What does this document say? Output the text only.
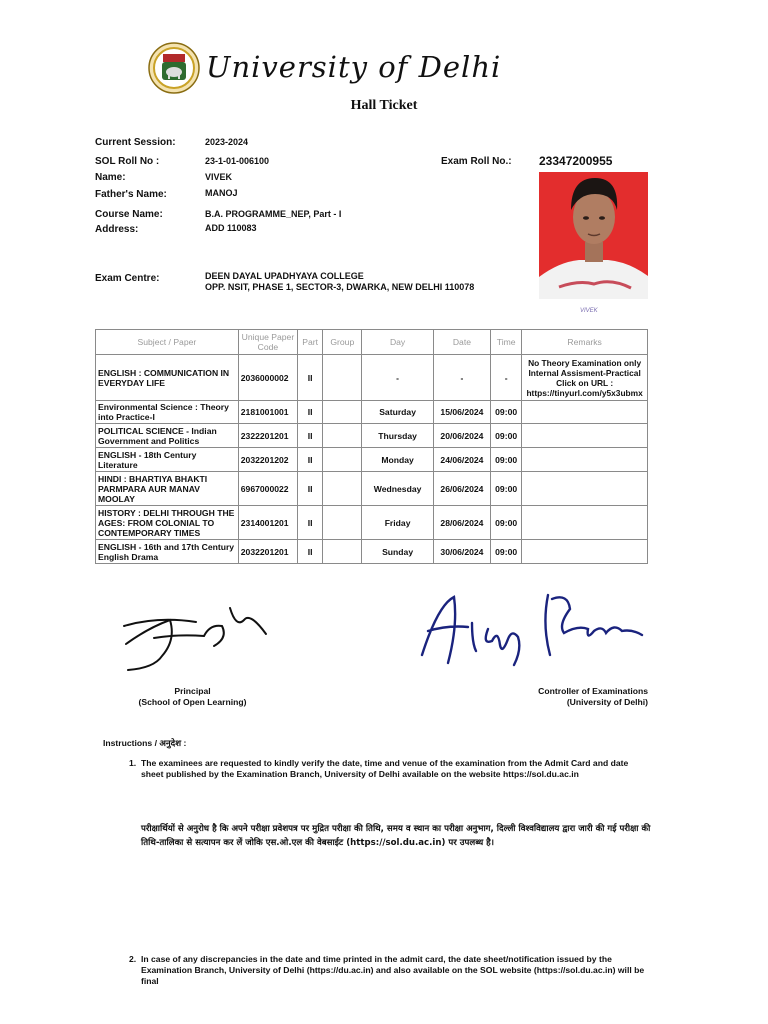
University of Delhi
Hall Ticket
Current Session:	2023-2024
SOL Roll No :	23-1-01-006100	Exam Roll No.: 23347200955
Name:	VIVEK
Father's Name:	MANOJ
Course Name:	B.A. PROGRAMME_NEP, Part - I
Address:	ADD 110083
Exam Centre:	DEEN DAYAL UPADHYAYA COLLEGE
OPP. NSIT, PHASE 1, SECTOR-3, DWARKA, NEW DELHI 110078
VIVEK
Subject / Paper	Unique Paper Code	Part	Group	Day	Date	Time	Remarks
ENGLISH : COMMUNICATION IN EVERYDAY LIFE	2036000002	II		-	-	-	No Theory Examination only Internal Assisment-Practical Click on URL : https://tinyurl.com/y5x3ubmx
Environmental Science : Theory into Practice-I	2181001001	II		Saturday	15/06/2024	09:00	
POLITICAL SCIENCE - Indian Government and Politics	2322201201	II		Thursday	20/06/2024	09:00	
ENGLISH - 18th Century Literature	2032201202	II		Monday	24/06/2024	09:00	
HINDI : BHARTIYA BHAKTI PARMPARA AUR MANAV MOOLAY	6967000022	II		Wednesday	26/06/2024	09:00	
HISTORY : DELHI THROUGH THE AGES: FROM COLONIAL TO CONTEMPORARY TIMES	2314001201	II		Friday	28/06/2024	09:00	
ENGLISH - 16th and 17th Century English Drama	2032201201	II		Sunday	30/06/2024	09:00	
Principal
(School of Open Learning)
Controller of Examinations
(University of Delhi)
Instructions / अनुदेश :
1. The examinees are requested to kindly verify the date, time and venue of the examination from the Admit Card and date sheet published by the Examination Branch, University of Delhi available on the website https://sol.du.ac.in
परीक्षार्थियों से अनुरोध है कि अपने परीक्षा प्रवेशपत्र पर मुद्रित परीक्षा की तिथि, समय व स्थान का परीक्षा अनुभाग, दिल्ली विश्वविद्यालय द्वारा जारी की गई परीक्षा की तिथि-तालिका से सत्यापन कर लें जोकि एस.ओ.एल की वेबसाईट (https://sol.du.ac.in) पर उपलब्ध है।
2. In case of any discrepancies in the date and time printed in the admit card, the date sheet/notification issued by the Examination Branch, University of Delhi (https://du.ac.in) and also available on the SOL website (https://sol.du.ac.in) will be final
